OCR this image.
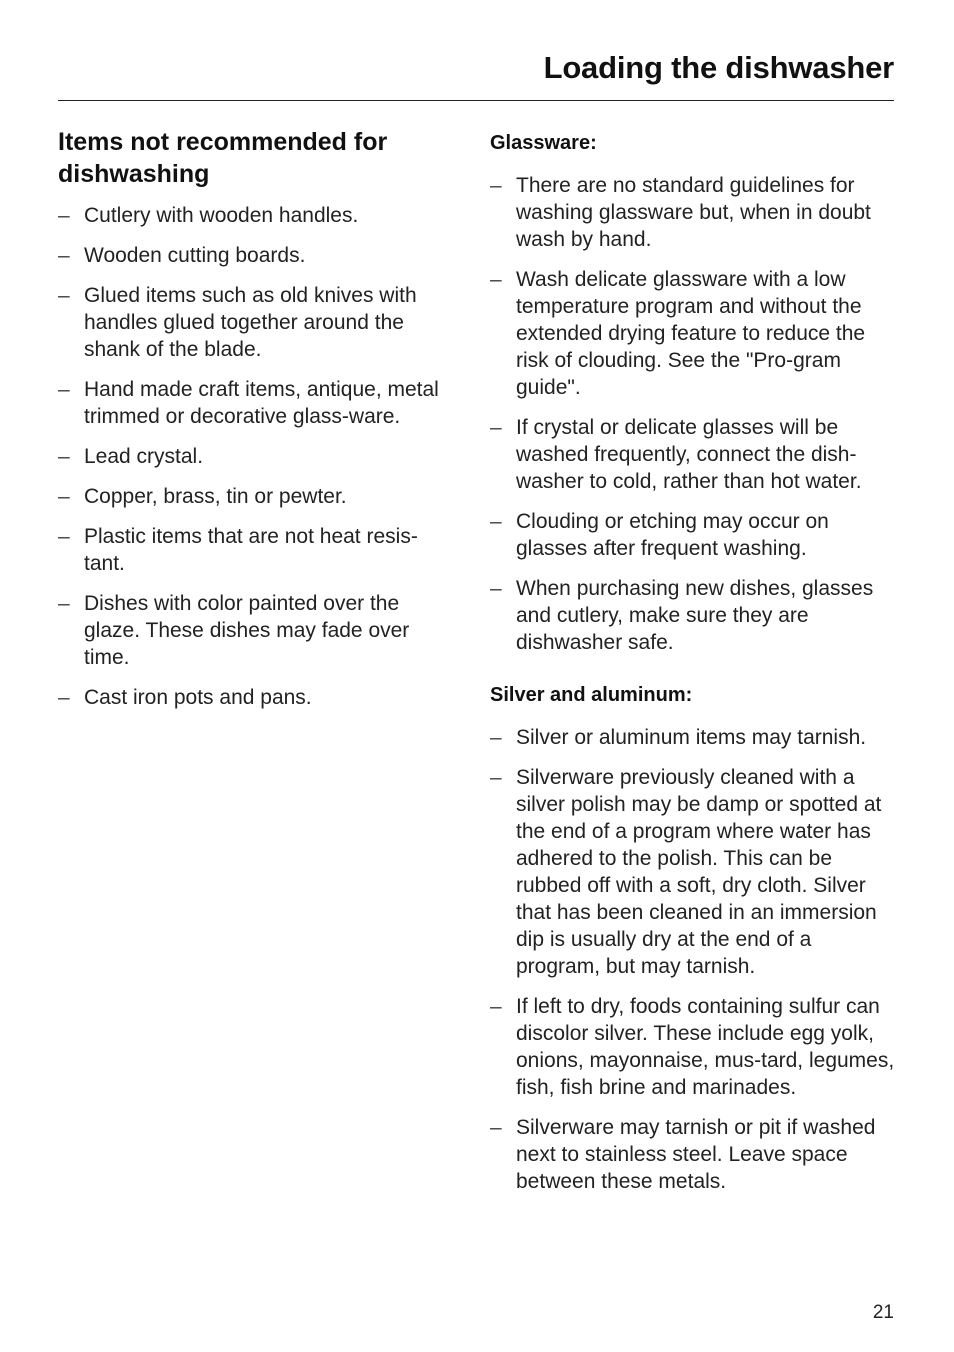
Loading the dishwasher
Items not recommended for dishwashing
– Cutlery with wooden handles.
– Wooden cutting boards.
– Glued items such as old knives with handles glued together around the shank of the blade.
– Hand made craft items, antique, metal trimmed or decorative glass-ware.
– Lead crystal.
– Copper, brass, tin or pewter.
– Plastic items that are not heat resis-tant.
– Dishes with color painted over the glaze. These dishes may fade over time.
– Cast iron pots and pans.
Glassware:
– There are no standard guidelines for washing glassware but, when in doubt wash by hand.
– Wash delicate glassware with a low temperature program and without the extended drying feature to reduce the risk of clouding. See the "Pro-gram guide".
– If crystal or delicate glasses will be washed frequently, connect the dish-washer to cold, rather than hot water.
– Clouding or etching may occur on glasses after frequent washing.
– When purchasing new dishes, glasses and cutlery, make sure they are dishwasher safe.
Silver and aluminum:
– Silver or aluminum items may tarnish.
– Silverware previously cleaned with a silver polish may be damp or spotted at the end of a program where water has adhered to the polish. This can be rubbed off with a soft, dry cloth. Silver that has been cleaned in an immersion dip is usually dry at the end of a program, but may tarnish.
– If left to dry, foods containing sulfur can discolor silver. These include egg yolk, onions, mayonnaise, mus-tard, legumes, fish, fish brine and marinades.
– Silverware may tarnish or pit if washed next to stainless steel. Leave space between these metals.
21
